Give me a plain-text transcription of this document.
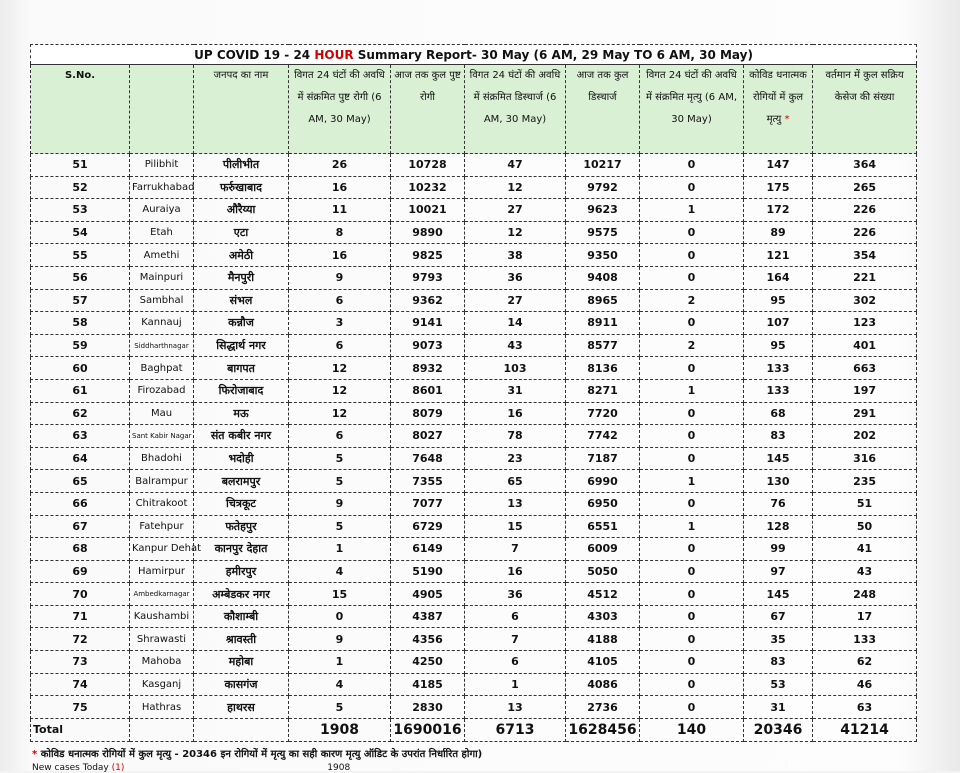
UP COVID 19 - 24 HOUR Summary Report- 30 May (6 AM, 29 May TO 6 AM, 30 May)									
S.No.		जनपद का नाम	विगत 24 घंटों की अवधि में संक्रमित पुष्ट रोगी (6 AM, 30 May)	आज तक कुल पुष्ट रोगी	विगत 24 घंटों की अवधि में संक्रमित डिस्चार्ज (6 AM, 30 May)	आज तक कुल डिस्चार्ज	विगत 24 घंटों की अवधि में संक्रमित मृत्यु (6 AM, 30 May)	कोविड धनात्मक रोगियों में कुल मृत्यु *	वर्तमान में कुल सक्रिय केसेज की संख्या
51	Pilibhit	पीलीभीत	26	10728	47	10217	0	147	364
52	Farrukhabad	फर्रुखाबाद	16	10232	12	9792	0	175	265
53	Auraiya	औरैय्या	11	10021	27	9623	1	172	226
54	Etah	एटा	8	9890	12	9575	0	89	226
55	Amethi	अमेठी	16	9825	38	9350	0	121	354
56	Mainpuri	मैनपुरी	9	9793	36	9408	0	164	221
57	Sambhal	संभल	6	9362	27	8965	2	95	302
58	Kannauj	कन्नौज	3	9141	14	8911	0	107	123
59	Siddharthnagar	सिद्धार्थ नगर	6	9073	43	8577	2	95	401
60	Baghpat	बागपत	12	8932	103	8136	0	133	663
61	Firozabad	फिरोजाबाद	12	8601	31	8271	1	133	197
62	Mau	मऊ	12	8079	16	7720	0	68	291
63	Sant Kabir Nagar	संत कबीर नगर	6	8027	78	7742	0	83	202
64	Bhadohi	भदोही	5	7648	23	7187	0	145	316
65	Balrampur	बलरामपुर	5	7355	65	6990	1	130	235
66	Chitrakoot	चित्रकूट	9	7077	13	6950	0	76	51
67	Fatehpur	फतेहपुर	5	6729	15	6551	1	128	50
68	Kanpur Dehat	कानपुर देहात	1	6149	7	6009	0	99	41
69	Hamirpur	हमीरपुर	4	5190	16	5050	0	97	43
70	Ambedkarnagar	अम्बेडकर नगर	15	4905	36	4512	0	145	248
71	Kaushambi	कौशाम्बी	0	4387	6	4303	0	67	17
72	Shrawasti	श्रावस्ती	9	4356	7	4188	0	35	133
73	Mahoba	महोबा	1	4250	6	4105	0	83	62
74	Kasganj	कासगंज	4	4185	1	4086	0	53	46
75	Hathras	हाथरस	5	2830	13	2736	0	31	63
Total			1908	1690016	6713	1628456	140	20346	41214
* कोविड धनात्मक रोगियों में कुल मृत्यु - 20346 इन रोगियों में मृत्यु का सही कारण मृत्यु ऑडिट के उपरांत निर्धारित होगा)
New cases Today (1)	1908
